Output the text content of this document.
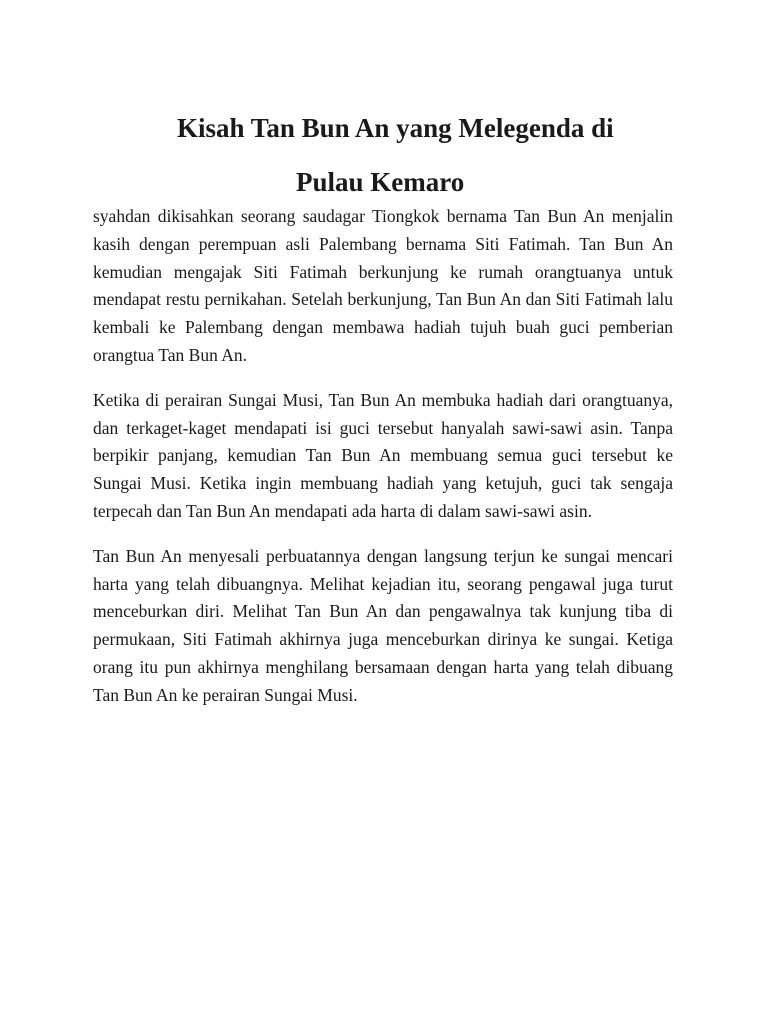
Kisah Tan Bun An yang Melegenda di
Pulau Kemaro

syahdan dikisahkan seorang saudagar Tiongkok bernama Tan Bun An menjalin kasih dengan perempuan asli Palembang bernama Siti Fatimah. Tan Bun An kemudian mengajak Siti Fatimah berkunjung ke rumah orangtuanya untuk mendapat restu pernikahan. Setelah berkunjung, Tan Bun An dan Siti Fatimah lalu kembali ke Palembang dengan membawa hadiah tujuh buah guci pemberian orangtua Tan Bun An.

Ketika di perairan Sungai Musi, Tan Bun An membuka hadiah dari orangtuanya, dan terkaget-kaget mendapati isi guci tersebut hanyalah sawi-sawi asin. Tanpa berpikir panjang, kemudian Tan Bun An membuang semua guci tersebut ke Sungai Musi. Ketika ingin membuang hadiah yang ketujuh, guci tak sengaja terpecah dan Tan Bun An mendapati ada harta di dalam sawi-sawi asin.

Tan Bun An menyesali perbuatannya dengan langsung terjun ke sungai mencari harta yang telah dibuangnya. Melihat kejadian itu, seorang pengawal juga turut menceburkan diri. Melihat Tan Bun An dan pengawalnya tak kunjung tiba di permukaan, Siti Fatimah akhirnya juga menceburkan dirinya ke sungai. Ketiga orang itu pun akhirnya menghilang bersamaan dengan harta yang telah dibuang Tan Bun An ke perairan Sungai Musi.
